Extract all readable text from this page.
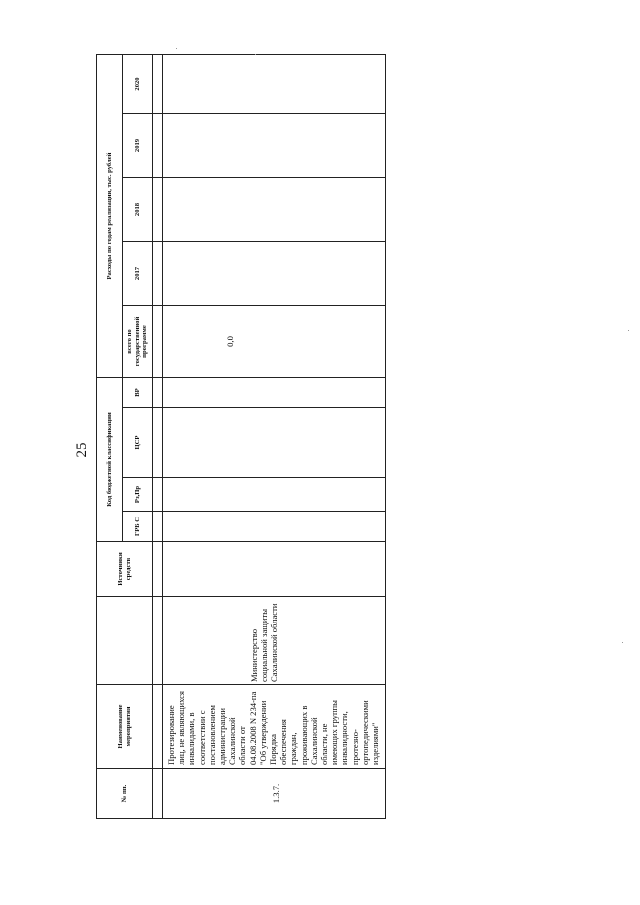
25
№ пп.	Наименование мероприятия		Источники средств	Код бюджетной классификации				Расходы по годам реализации, тыс. рублей				
				ГРБ С	Рз,Пр	ЦСР	ВР	всего по государственной программе	2017	2018	2019	2020

1.3.7.	Протезирование лиц, не являющихся инвалидами, в соответствии с постановлением администрации Сахалинской области от 04.08.2008 N 234-па "Об утверждении Порядка обеспечения граждан, проживающих в Сахалинской области, не имеющих группы инвалидности, протезно-ортопедическими изделиями"	Министерство социальной защиты Сахалинской области						0,0				
